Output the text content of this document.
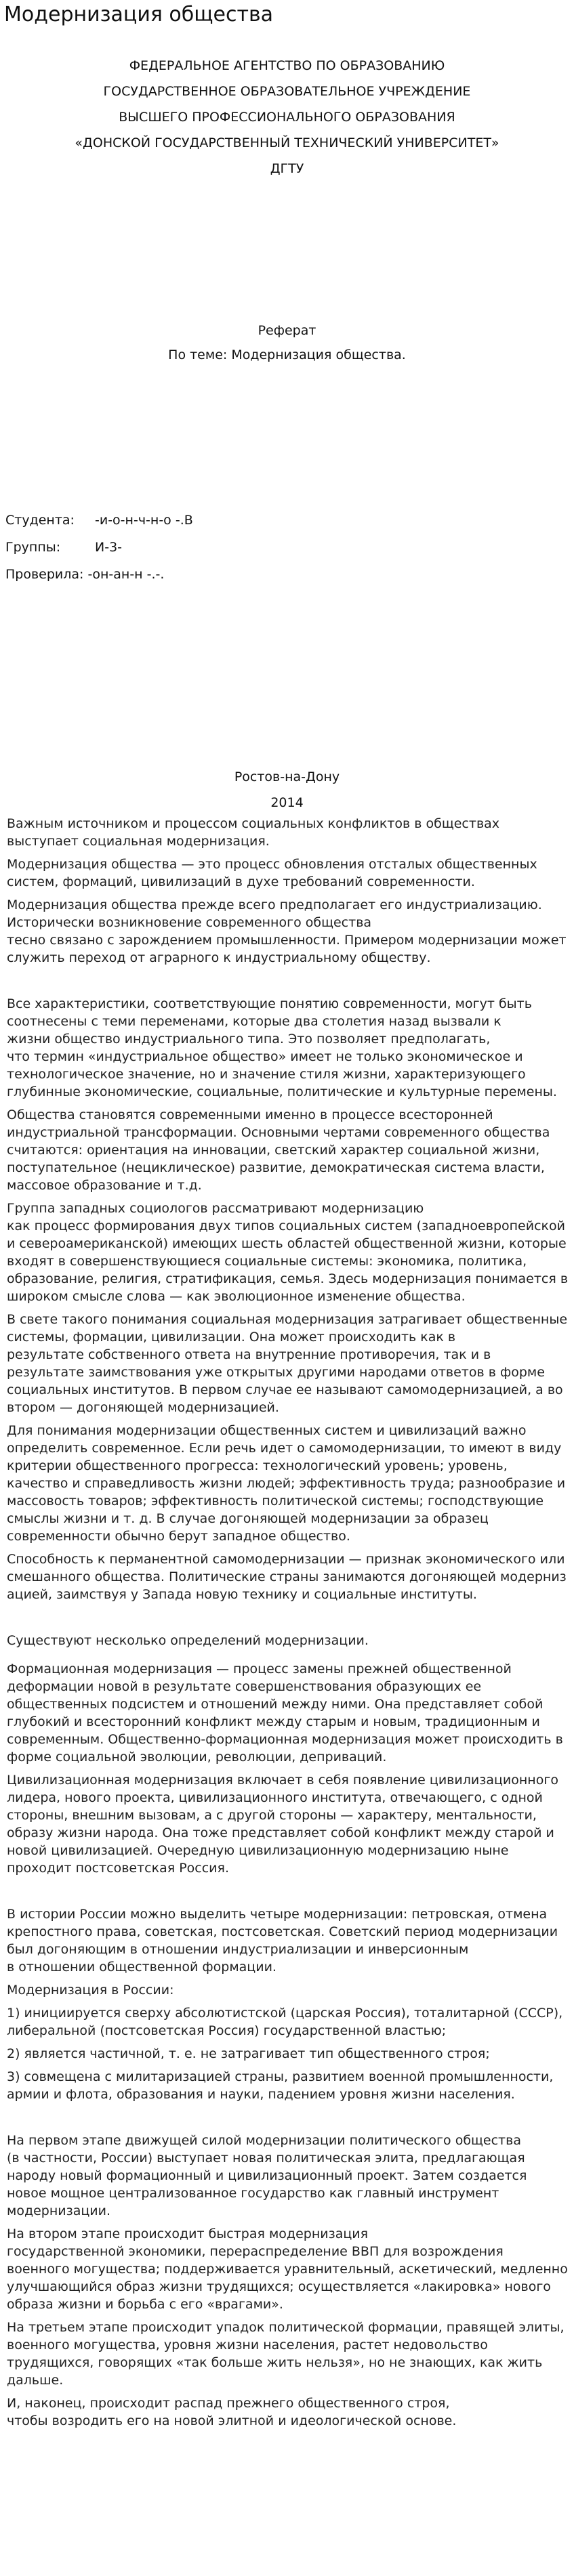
Модернизация общества
ФЕДЕРАЛЬНОЕ АГЕНТСТВО ПО ОБРАЗОВАНИЮ
ГОСУДАРСТВЕННОЕ ОБРАЗОВАТЕЛЬНОЕ УЧРЕЖДЕНИЕ
ВЫСШЕГО ПРОФЕССИОНАЛЬНОГО ОБРАЗОВАНИЯ
«ДОНСКОЙ ГОСУДАРСТВЕННЫЙ ТЕХНИЧЕСКИЙ УНИВЕРСИТЕТ»
ДГТУ
Реферат
По теме: Модернизация общества.
Студента: -и-о-н-ч-н-о -.В
Группы:	И-3-
Проверила: -он-ан-н -.-.
Ростов-на-Дону
2014

Важным источником и процессом социальных конфликтов в обществах
выступает социальная модернизация.

Модернизация общества — это процесс обновления отсталых общественных
систем, формаций, цивилизаций в духе требований современности.

Модернизация общества прежде всего предполагает его индустриализацию.
Исторически возникновение современного общества
тесно связано с зарождением промышленности. Примером модернизации может
служить переход от аграрного к индустриальному обществу.

Все характеристики, соответствующие понятию современности, могут быть
соотнесены с теми переменами, которые два столетия назад вызвали к
жизни общество индустриального типа. Это позволяет предполагать,
что термин «индустриальное общество» имеет не только экономическое и
технологическое значение, но и значение стиля жизни, характеризующего
глубинные экономические, социальные, политические и культурные перемены.

Общества становятся современными именно в процессе всесторонней
индустриальной трансформации. Основными чертами современного общества
считаются: ориентация на инновации, светский характер социальной жизни,
поступательное (нециклическое) развитие, демократическая система власти,
массовое образование и т.д.

Группа западных социологов рассматривают модернизацию
как процесс формирования двух типов социальных систем (западноевропейской
и североамериканской) имеющих шесть областей общественной жизни, которые
входят в совершенствующиеся социальные системы: экономика, политика,
образование, религия, стратификация, семья. Здесь модернизация понимается в
широком смысле слова — как эволюционное изменение общества.

В свете такого понимания социальная модернизация затрагивает общественные
системы, формации, цивилизации. Она может происходить как в
результате собственного ответа на внутренние противоречия, так и в
результате заимствования уже открытых другими народами ответов в форме
социальных институтов. В первом случае ее называют самомодернизацией, а во
втором — догоняющей модернизацией.

Для понимания модернизации общественных систем и цивилизаций важно
определить современное. Если речь идет о самомодернизации, то имеют в виду
критерии общественного прогресса: технологический уровень; уровень,
качество и справедливость жизни людей; эффективность труда; разнообразие и
массовость товаров; эффективность политической системы; господствующие
смыслы жизни и т. д. В случае догоняющей модернизации за образец
современности обычно берут западное общество.

Способность к перманентной самомодернизации — признак экономического или
смешанного общества. Политические страны занимаются догоняющей модерниз
ацией, заимствуя у Запада новую технику и социальные институты.

Существуют несколько определений модернизации.

Формационная модернизация — процесс замены прежней общественной
деформации новой в результате совершенствования образующих ее
общественных подсистем и отношений между ними. Она представляет собой
глубокий и всесторонний конфликт между старым и новым, традиционным и
современным. Общественно-формационная модернизация может происходить в
форме социальной эволюции, революции, деприваций.

Цивилизационная модернизация включает в себя появление цивилизационного
лидера, нового проекта, цивилизационного института, отвечающего, с одной
стороны, внешним вызовам, а с другой стороны — характеру, ментальности,
образу жизни народа. Она тоже представляет собой конфликт между старой и
новой цивилизацией. Очередную цивилизационную модернизацию ныне
проходит постсоветская Россия.

В истории России можно выделить четыре модернизации: петровская, отмена
крепостного права, советская, постсоветская. Советский период модернизации
был догоняющим в отношении индустриализации и инверсионным
в отношении общественной формации.

Модернизация в России:

1) инициируется сверху абсолютистской (царская Россия), тоталитарной (СССР),
либеральной (постсоветская Россия) государственной властью;

2) является частичной, т. е. не затрагивает тип общественного строя;

3) совмещена с милитаризацией страны, развитием военной промышленности,
армии и флота, образования и науки, падением уровня жизни населения.

На первом этапе движущей силой модернизации политического общества
(в частности, России) выступает новая политическая элита, предлагающая
народу новый формационный и цивилизационный проект. Затем создается
новое мощное централизованное государство как главный инструмент
модернизации.

На втором этапе происходит быстрая модернизация
государственной экономики, перераспределение ВВП для возрождения
военного могущества; поддерживается уравнительный, аскетический, медленно
улучшающийся образ жизни трудящихся; осуществляется «лакировка» нового
образа жизни и борьба с его «врагами».

На третьем этапе происходит упадок политической формации, правящей элиты,
военного могущества, уровня жизни населения, растет недовольство
трудящихся, говорящих «так больше жить нельзя», но не знающих, как жить
дальше.

И, наконец, происходит распад прежнего общественного строя,
чтобы возродить его на новой элитной и идеологической основе.
